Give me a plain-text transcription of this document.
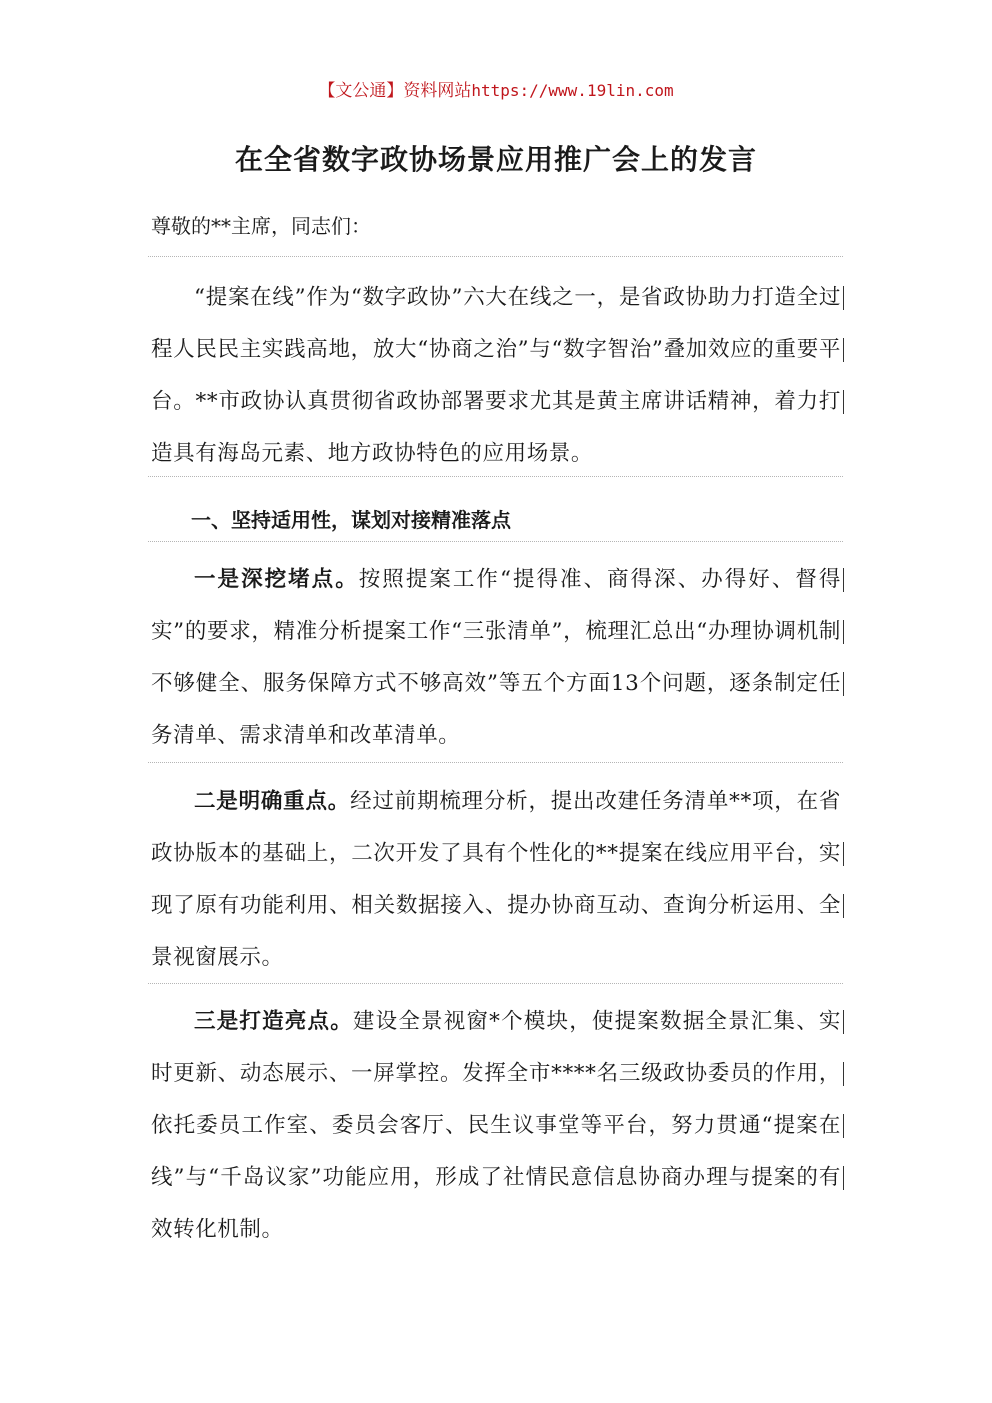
【文公通】资料网站https://www.19lin.com
在全省数字政协场景应用推广会上的发言
尊敬的**主席，同志们：

“提案在线”作为“数字政协”六大在线之一，是省政协助力打造全过程人民民主实践高地，放大“协商之治”与“数字智治”叠加效应的重要平台。**市政协认真贯彻省政协部署要求尤其是黄主席讲话精神，着力打造具有海岛元素、地方政协特色的应用场景。

一、坚持适用性，谋划对接精准落点

一是深挖堵点。按照提案工作“提得准、商得深、办得好、督得实”的要求，精准分析提案工作“三张清单”，梳理汇总出“办理协调机制不够健全、服务保障方式不够高效”等五个方面13个问题，逐条制定任务清单、需求清单和改革清单。

二是明确重点。经过前期梳理分析，提出改建任务清单**项，在省政协版本的基础上，二次开发了具有个性化的**提案在线应用平台，实现了原有功能利用、相关数据接入、提办协商互动、查询分析运用、全景视窗展示。

三是打造亮点。建设全景视窗*个模块，使提案数据全景汇集、实时更新、动态展示、一屏掌控。发挥全市****名三级政协委员的作用，依托委员工作室、委员会客厅、民生议事堂等平台，努力贯通“提案在线”与“千岛议家”功能应用，形成了社情民意信息协商办理与提案的有效转化机制。
